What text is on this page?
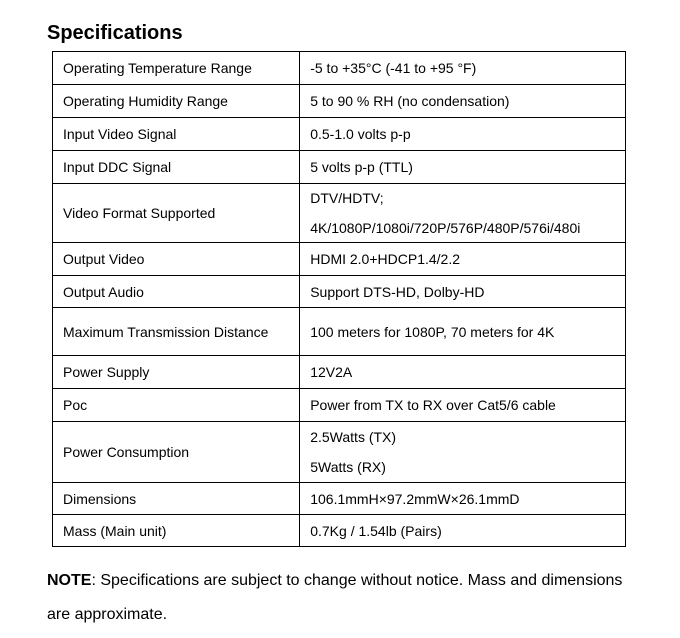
Specifications
Operating Temperature Range	-5 to +35°C (-41 to +95 °F)

Operating Humidity Range	5 to 90 % RH (no condensation)

Input Video Signal	0.5-1.0 volts p-p

Input DDC Signal	5 volts p-p (TTL)

Video Format Supported	DTV/HDTV;
4K/1080P/1080i/720P/576P/480P/576i/480i

Output Video	HDMI 2.0+HDCP1.4/2.2

Output Audio	Support DTS-HD, Dolby-HD

Maximum Transmission Distance	100 meters for 1080P, 70 meters for 4K

Power Supply	12V2A

Poc	Power from TX to RX over Cat5/6 cable

Power Consumption	2.5Watts (TX)
5Watts (RX)

Dimensions	106.1mmH×97.2mmW×26.1mmD

Mass (Main unit)	0.7Kg / 1.54lb (Pairs)
NOTE: Specifications are subject to change without notice. Mass and dimensions are approximate.
